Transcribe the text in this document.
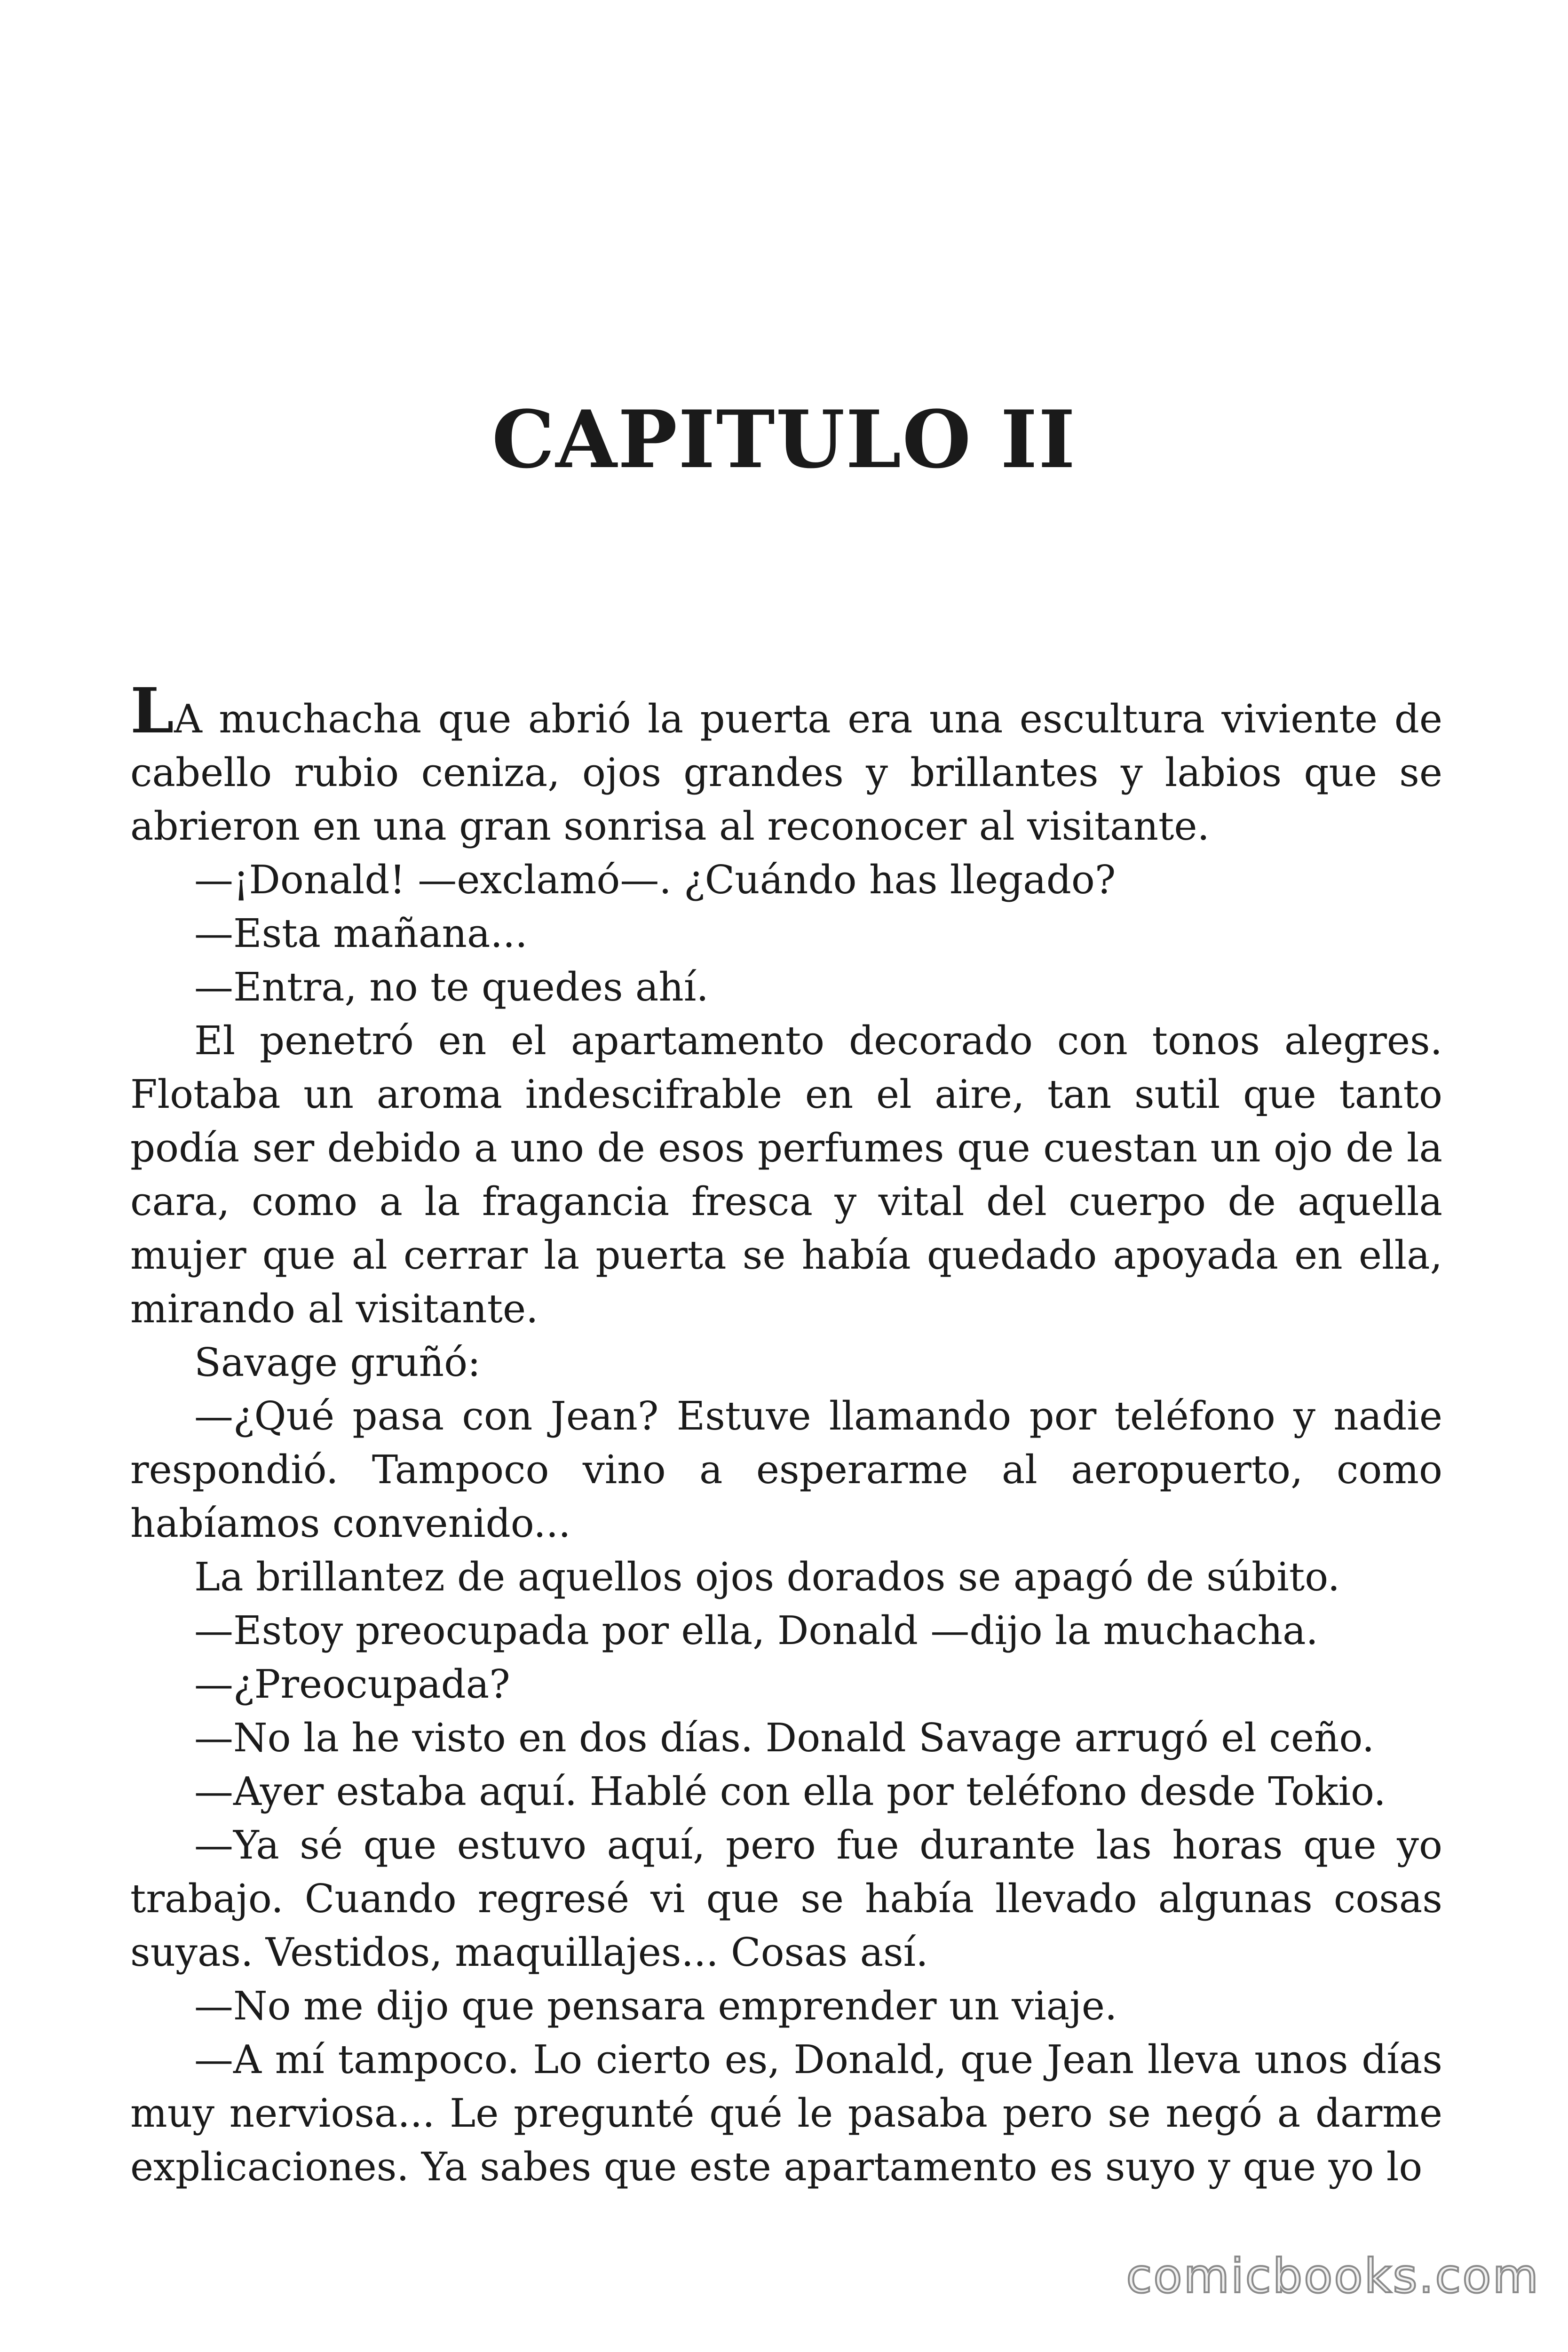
CAPITULO II

LA muchacha que abrió la puerta era una escultura viviente de cabello rubio ceniza, ojos grandes y brillantes y labios que se abrieron en una gran sonrisa al reconocer al visitante.

—¡Donald! —exclamó—. ¿Cuándo has llegado?

—Esta mañana...

—Entra, no te quedes ahí.

El penetró en el apartamento decorado con tonos alegres. Flotaba un aroma indescifrable en el aire, tan sutil que tanto podía ser debido a uno de esos perfumes que cuestan un ojo de la cara, como a la fragancia fresca y vital del cuerpo de aquella mujer que al cerrar la puerta se había quedado apoyada en ella, mirando al visitante.

Savage gruñó:

—¿Qué pasa con Jean? Estuve llamando por teléfono y nadie respondió. Tampoco vino a esperarme al aeropuerto, como habíamos convenido...

La brillantez de aquellos ojos dorados se apagó de súbito.

—Estoy preocupada por ella, Donald —dijo la muchacha.

—¿Preocupada?

—No la he visto en dos días. Donald Savage arrugó el ceño.

—Ayer estaba aquí. Hablé con ella por teléfono desde Tokio.

—Ya sé que estuvo aquí, pero fue durante las horas que yo trabajo. Cuando regresé vi que se había llevado algunas cosas suyas. Vestidos, maquillajes... Cosas así.

—No me dijo que pensara emprender un viaje.

—A mí tampoco. Lo cierto es, Donald, que Jean lleva unos días muy nerviosa... Le pregunté qué le pasaba pero se negó a darme explicaciones. Ya sabes que este apartamento es suyo y que yo lo

comicbooks.com
